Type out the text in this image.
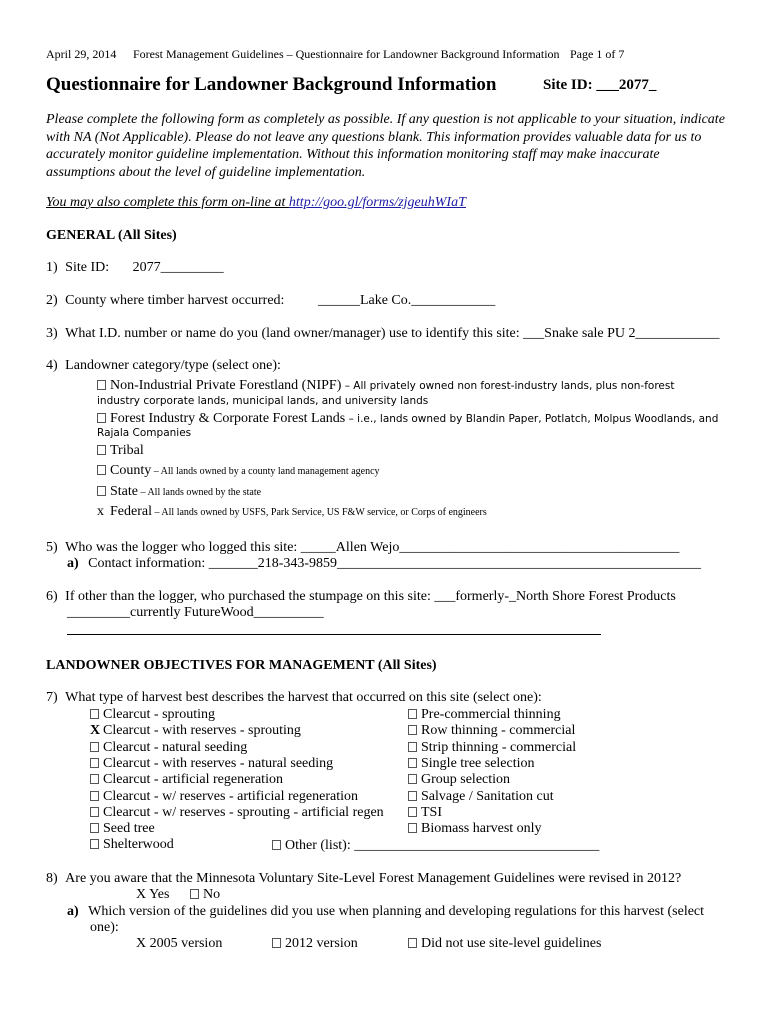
April 29, 2014 Forest Management Guidelines – Questionnaire for Landowner Background Information Page 1 of 7
Questionnaire for Landowner Background Information	Site ID: ___2077_
Please complete the following form as completely as possible. If any question is not applicable to your situation, indicate with NA (Not Applicable). Please do not leave any questions blank. This information provides valuable data for us to accurately monitor guideline implementation. Without this information monitoring staff may make inaccurate assumptions about the level of guideline implementation.
You may also complete this form on-line at http://goo.gl/forms/zjgeuhWIaT
GENERAL (All Sites)
1) Site ID: 2077_________
2) County where timber harvest occurred: ______Lake Co.____________
3) What I.D. number or name do you (land owner/manager) use to identify this site: ___Snake sale PU 2____________
4) Landowner category/type (select one):
Non-Industrial Private Forestland (NIPF) – All privately owned non forest-industry lands, plus non-forest
industry corporate lands, municipal lands, and university lands
Forest Industry & Corporate Forest Lands – i.e., lands owned by Blandin Paper, Potlatch, Molpus Woodlands, and
Rajala Companies
Tribal
County – All lands owned by a county land management agency
State – All lands owned by the state
x Federal – All lands owned by USFS, Park Service, US F&W service, or Corps of engineers
5) Who was the logger who logged this site: _____Allen Wejo________________________________________
a) Contact information: _______218-343-9859____________________________________________________
6) If other than the logger, who purchased the stumpage on this site: ___formerly-_North Shore Forest Products
_________currently FutureWood__________
LANDOWNER OBJECTIVES FOR MANAGEMENT (All Sites)
7) What type of harvest best describes the harvest that occurred on this site (select one):
Clearcut - sprouting
X Clearcut - with reserves - sprouting
Clearcut - natural seeding
Clearcut - with reserves - natural seeding
Clearcut - artificial regeneration
Clearcut - w/ reserves - artificial regeneration
Clearcut - w/ reserves - sprouting - artificial regen
Seed tree
Shelterwood
Pre-commercial thinning
Row thinning - commercial
Strip thinning - commercial
Single tree selection
Group selection
Salvage / Sanitation cut
TSI
Biomass harvest only
Other (list): ___________________________________
8) Are you aware that the Minnesota Voluntary Site-Level Forest Management Guidelines were revised in 2012?
X Yes	No
a) Which version of the guidelines did you use when planning and developing regulations for this harvest (select
one):
X 2005 version	2012 version	Did not use site-level guidelines
